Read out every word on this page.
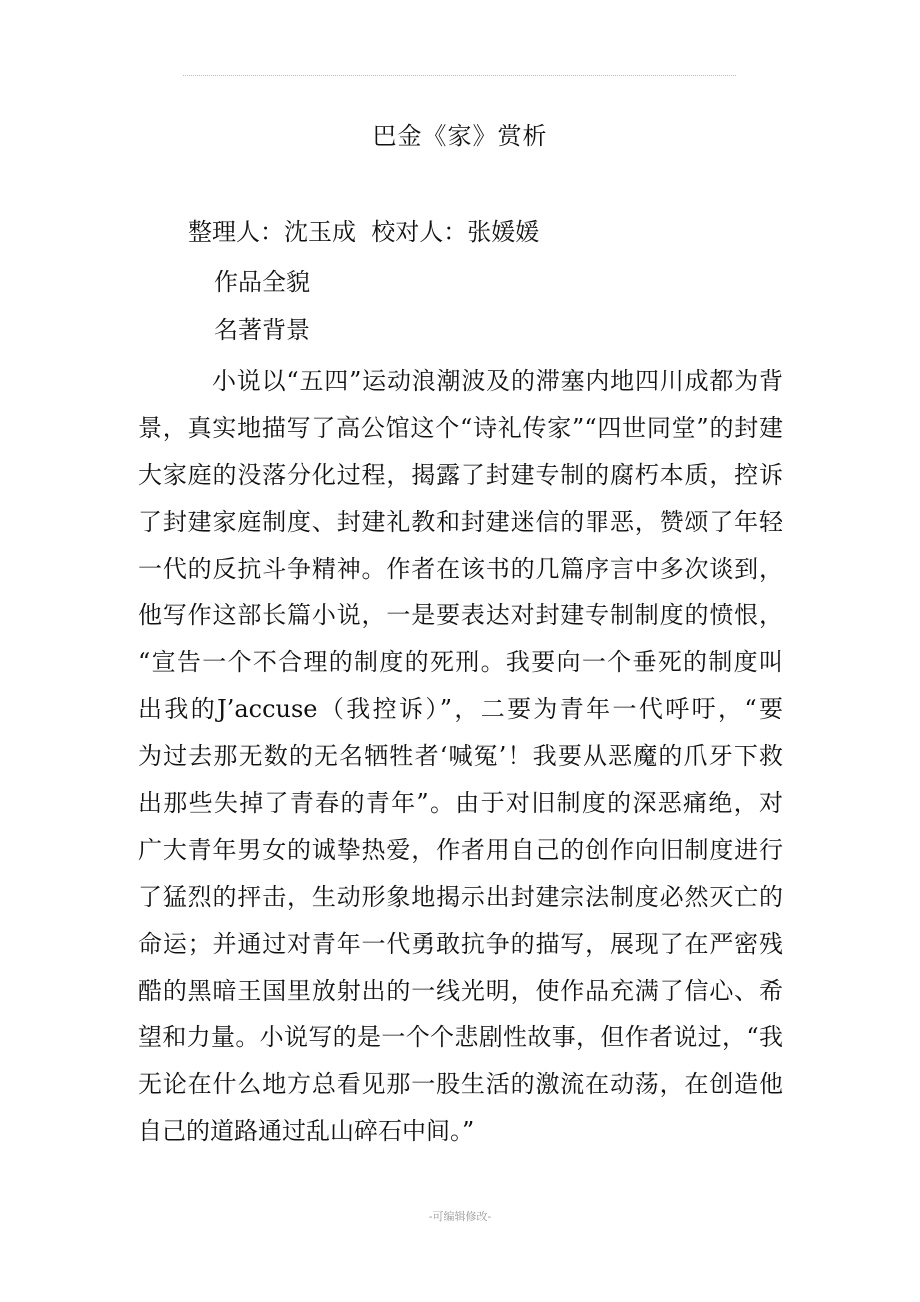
巴金《家》赏析
整理人：沈玉成  校对人：张媛媛
作品全貌
名著背景
小说以“五四”运动浪潮波及的滞塞内地四川成都为背
景，真实地描写了高公馆这个“诗礼传家”“四世同堂”的封建
大家庭的没落分化过程，揭露了封建专制的腐朽本质，控诉
了封建家庭制度、封建礼教和封建迷信的罪恶，赞颂了年轻
一代的反抗斗争精神。作者在该书的几篇序言中多次谈到，
他写作这部长篇小说，一是要表达对封建专制制度的愤恨，
“宣告一个不合理的制度的死刑。我要向一个垂死的制度叫
出我的J’accuse（我控诉）”，二要为青年一代呼吁，“要
为过去那无数的无名牺牲者‘喊冤’！我要从恶魔的爪牙下救
出那些失掉了青春的青年”。由于对旧制度的深恶痛绝，对
广大青年男女的诚挚热爱，作者用自己的创作向旧制度进行
了猛烈的抨击，生动形象地揭示出封建宗法制度必然灭亡的
命运；并通过对青年一代勇敢抗争的描写，展现了在严密残
酷的黑暗王国里放射出的一线光明，使作品充满了信心、希
望和力量。小说写的是一个个悲剧性故事，但作者说过，“我
无论在什么地方总看见那一股生活的激流在动荡，在创造他
自己的道路通过乱山碎石中间。”
-可编辑修改-
